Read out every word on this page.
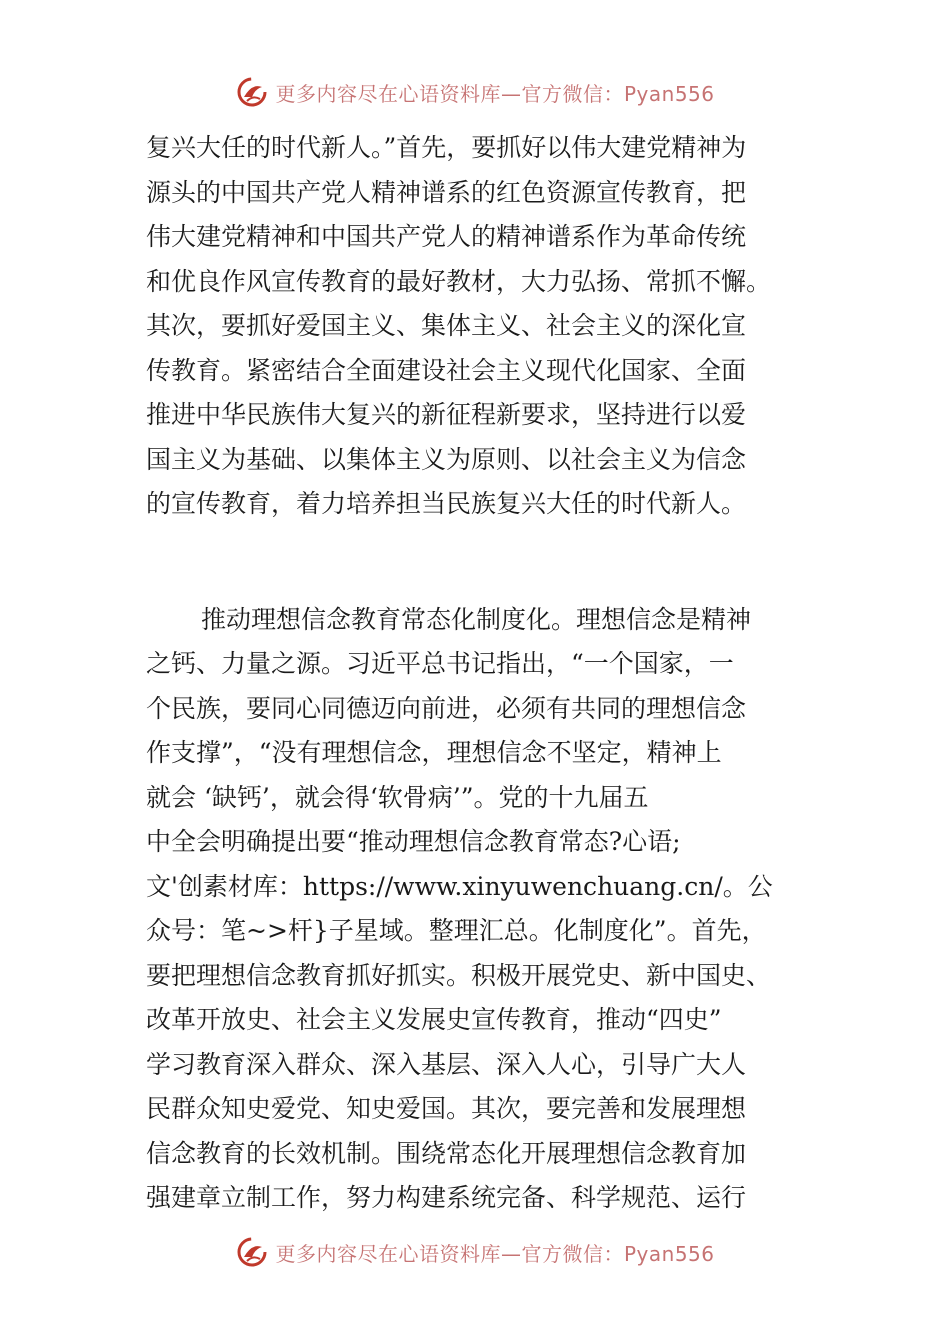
更多内容尽在心语资料库—官方微信：Pyan556
复兴大任的时代新人。”首先，要抓好以伟大建党精神为
源头的中国共产党人精神谱系的红色资源宣传教育，把
伟大建党精神和中国共产党人的精神谱系作为革命传统
和优良作风宣传教育的最好教材，大力弘扬、常抓不懈。
其次，要抓好爱国主义、集体主义、社会主义的深化宣
传教育。紧密结合全面建设社会主义现代化国家、全面
推进中华民族伟大复兴的新征程新要求，坚持进行以爱
国主义为基础、以集体主义为原则、以社会主义为信念
的宣传教育，着力培养担当民族复兴大任的时代新人。
推动理想信念教育常态化制度化。理想信念是精神
之钙、力量之源。习近平总书记指出，“一个国家，一
个民族，要同心同德迈向前进，必须有共同的理想信念
作支撑”，“没有理想信念，理想信念不坚定，精神上
就会 ‘缺钙’，就会得‘软骨病’”。党的十九届五
中全会明确提出要“推动理想信念教育常态?心语;
文'创素材库：https://www.xinyuwenchuang.cn/。公
众号：笔~>杆}子星域。整理汇总。化制度化”。首先，
要把理想信念教育抓好抓实。积极开展党史、新中国史、
改革开放史、社会主义发展史宣传教育，推动“四史”
学习教育深入群众、深入基层、深入人心，引导广大人
民群众知史爱党、知史爱国。其次，要完善和发展理想
信念教育的长效机制。围绕常态化开展理想信念教育加
强建章立制工作，努力构建系统完备、科学规范、运行
更多内容尽在心语资料库—官方微信：Pyan556
